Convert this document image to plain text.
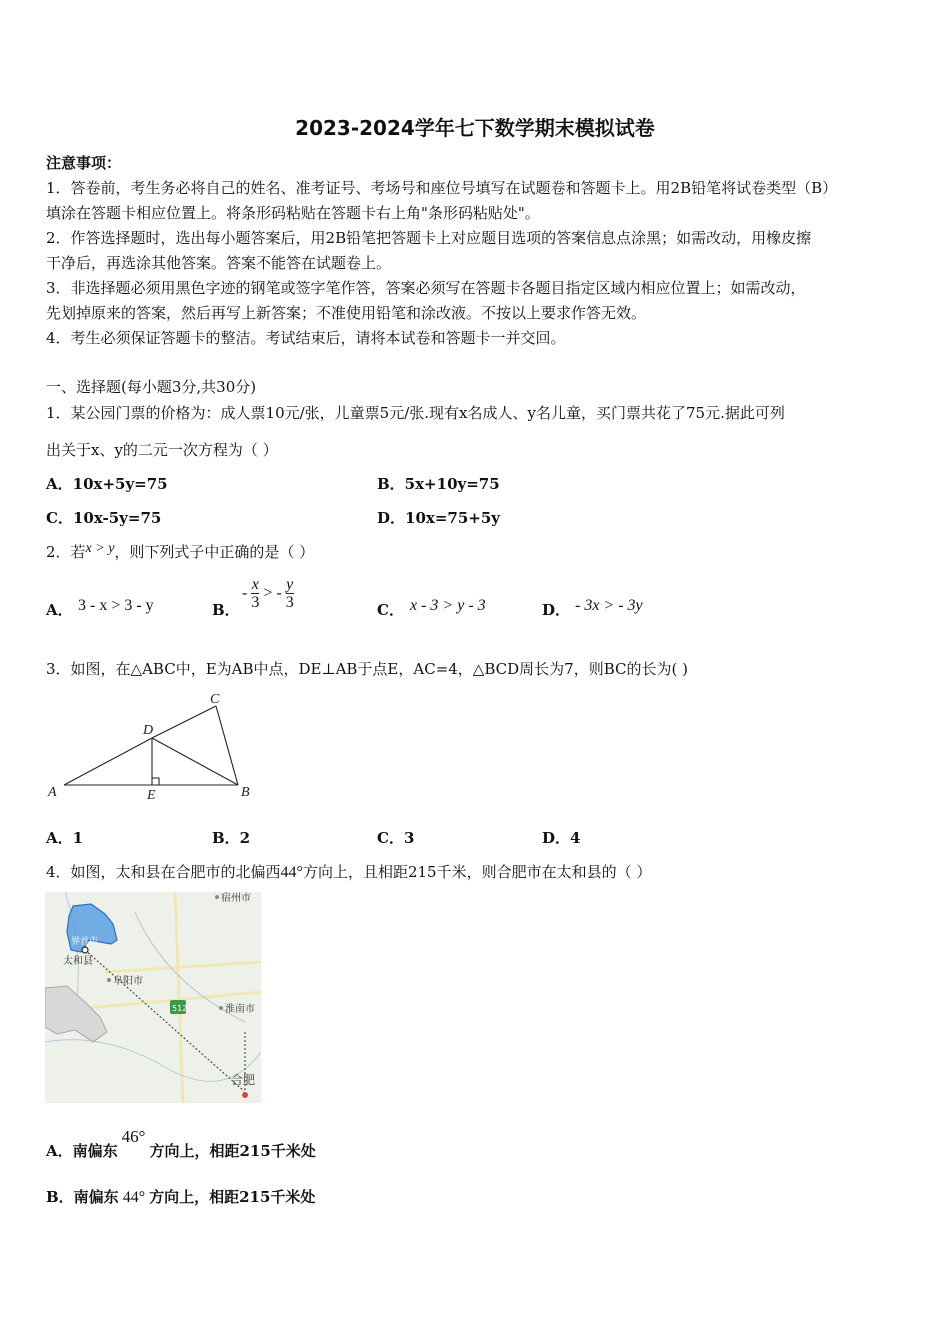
2023-2024学年七下数学期末模拟试卷
注意事项：
1．答卷前，考生务必将自己的姓名、准考证号、考场号和座位号填写在试题卷和答题卡上。用2B铅笔将试卷类型（B）
填涂在答题卡相应位置上。将条形码粘贴在答题卡右上角"条形码粘贴处"。
2．作答选择题时，选出每小题答案后，用2B铅笔把答题卡上对应题目选项的答案信息点涂黑；如需改动，用橡皮擦
干净后，再选涂其他答案。答案不能答在试题卷上。
3．非选择题必须用黑色字迹的钢笔或签字笔作答，答案必须写在答题卡各题目指定区域内相应位置上；如需改动，
先划掉原来的答案，然后再写上新答案；不准使用铅笔和涂改液。不按以上要求作答无效。
4．考生必须保证答题卡的整洁。考试结束后，请将本试卷和答题卡一并交回。
一、选择题(每小题3分,共30分)
1．某公园门票的价格为：成人票10元/张，儿童票5元/张.现有x名成人、y名儿童，买门票共花了75元.据此可列
出关于x、y的二元一次方程为（ ）
A．10x+5y=75	B．5x+10y=75
C．10x-5y=75	D．10x=75+5y
2．若x > y，则下列式子中正确的是（ ）
A． 3 - x > 3 - y	B．
- $\frac{x}{3}$ > - $\frac{y}{3}$	C． x - 3 > y - 3	D． - 3x > - 3y
3．如图，在△ABC中，E为AB中点，DE⊥AB于点E，AC=4，△BCD周长为7，则BC的长为( )
A	B
C
D
E
A．1	B．2	C．3	D．4
4．如图，太和县在合肥市的北偏西44°方向上，且相距215千米，则合肥市在太和县的（ ）
宿州市
界首市
太和县
阜阳市
淮南市
合肥
512
A．南偏东46°方向上，相距215千米处
B．南偏东 44° 方向上，相距215千米处
